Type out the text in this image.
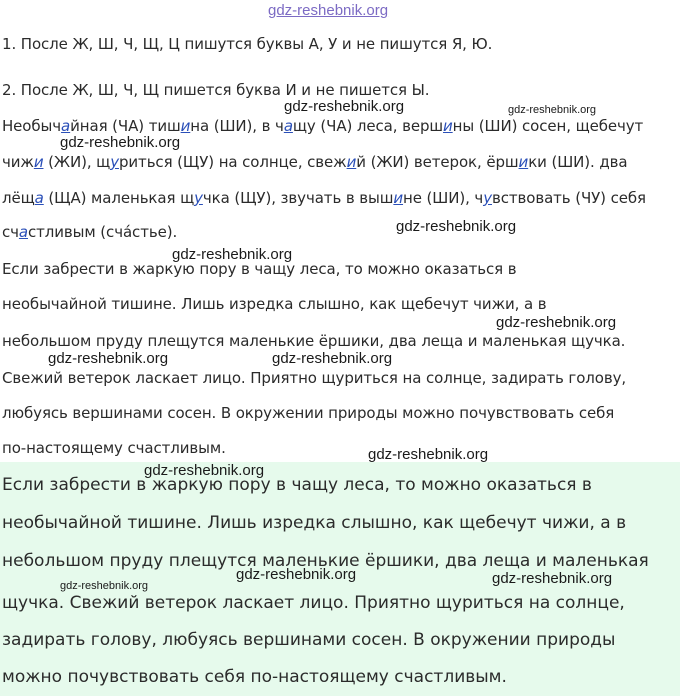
gdz-reshebnik.org
1. После Ж, Ш, Ч, Щ, Ц пишутся буквы А, У и не пишутся Я, Ю.
2. После Ж, Ш, Ч, Щ пишется буква И и не пишется Ы.
Необычайная (ЧА) тишина (ШИ), в чащу (ЧА) леса, вершины (ШИ) сосен, щебечут
чижи (ЖИ), щуриться (ЩУ) на солнце, свежий (ЖИ) ветерок, ёршики (ШИ). два
лёща (ЩА) маленькая щучка (ЩУ), звучать в вышине (ШИ), чувствовать (ЧУ) себя
счастливым (сча́стье).
Если забрести в жаркую пору в чащу леса, то можно оказаться в
необычайной тишине. Лишь изредка слышно, как щебечут чижи, а в
небольшом пруду плещутся маленькие ёршики, два леща и маленькая щучка.
Свежий ветерок ласкает лицо. Приятно щуриться на солнце, задирать голову,
любуясь вершинами сосен. В окружении природы можно почувствовать себя
по-настоящему счастливым.
Если забрести в жаркую пору в чащу леса, то можно оказаться в
необычайной тишине. Лишь изредка слышно, как щебечут чижи, а в
небольшом пруду плещутся маленькие ёршики, два леща и маленькая
щучка. Свежий ветерок ласкает лицо. Приятно щуриться на солнце,
задирать голову, любуясь вершинами сосен. В окружении природы
можно почувствовать себя по-настоящему счастливым.
gdz-reshebnik.org	gdz-reshebnik.org
gdz-reshebnik.org
gdz-reshebnik.org
gdz-reshebnik.org
gdz-reshebnik.org
gdz-reshebnik.org	gdz-reshebnik.org
gdz-reshebnik.org
gdz-reshebnik.org
gdz-reshebnik.org
gdz-reshebnik.org	gdz-reshebnik.org
